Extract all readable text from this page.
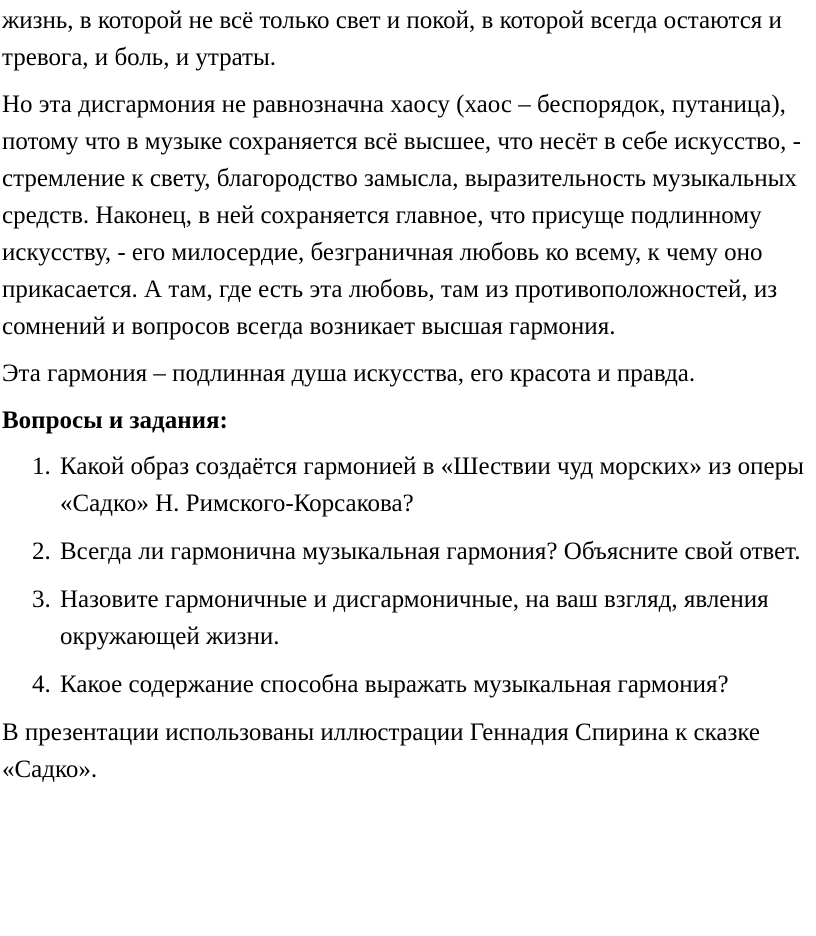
жизнь, в которой не всё только свет и покой, в которой всегда остаются и тревога, и боль, и утраты.

Но эта дисгармония не равнозначна хаосу (хаос – беспорядок, путаница), потому что в музыке сохраняется всё высшее, что несёт в себе искусство, - стремление к свету, благородство замысла, выразительность музыкальных средств. Наконец, в ней сохраняется главное, что присуще подлинному искусству, - его милосердие, безграничная любовь ко всему, к чему оно прикасается. А там, где есть эта любовь, там из противоположностей, из сомнений и вопросов всегда возникает высшая гармония.

Эта гармония – подлинная душа искусства, его красота и правда.

Вопросы и задания:

1. Какой образ создаётся гармонией в «Шествии чуд морских» из оперы «Садко» Н. Римского-Корсакова?
2. Всегда ли гармонична музыкальная гармония? Объясните свой ответ.
3. Назовите гармоничные и дисгармоничные, на ваш взгляд, явления окружающей жизни.
4. Какое содержание способна выражать музыкальная гармония?

В презентации использованы иллюстрации Геннадия Спирина к сказке «Садко».
